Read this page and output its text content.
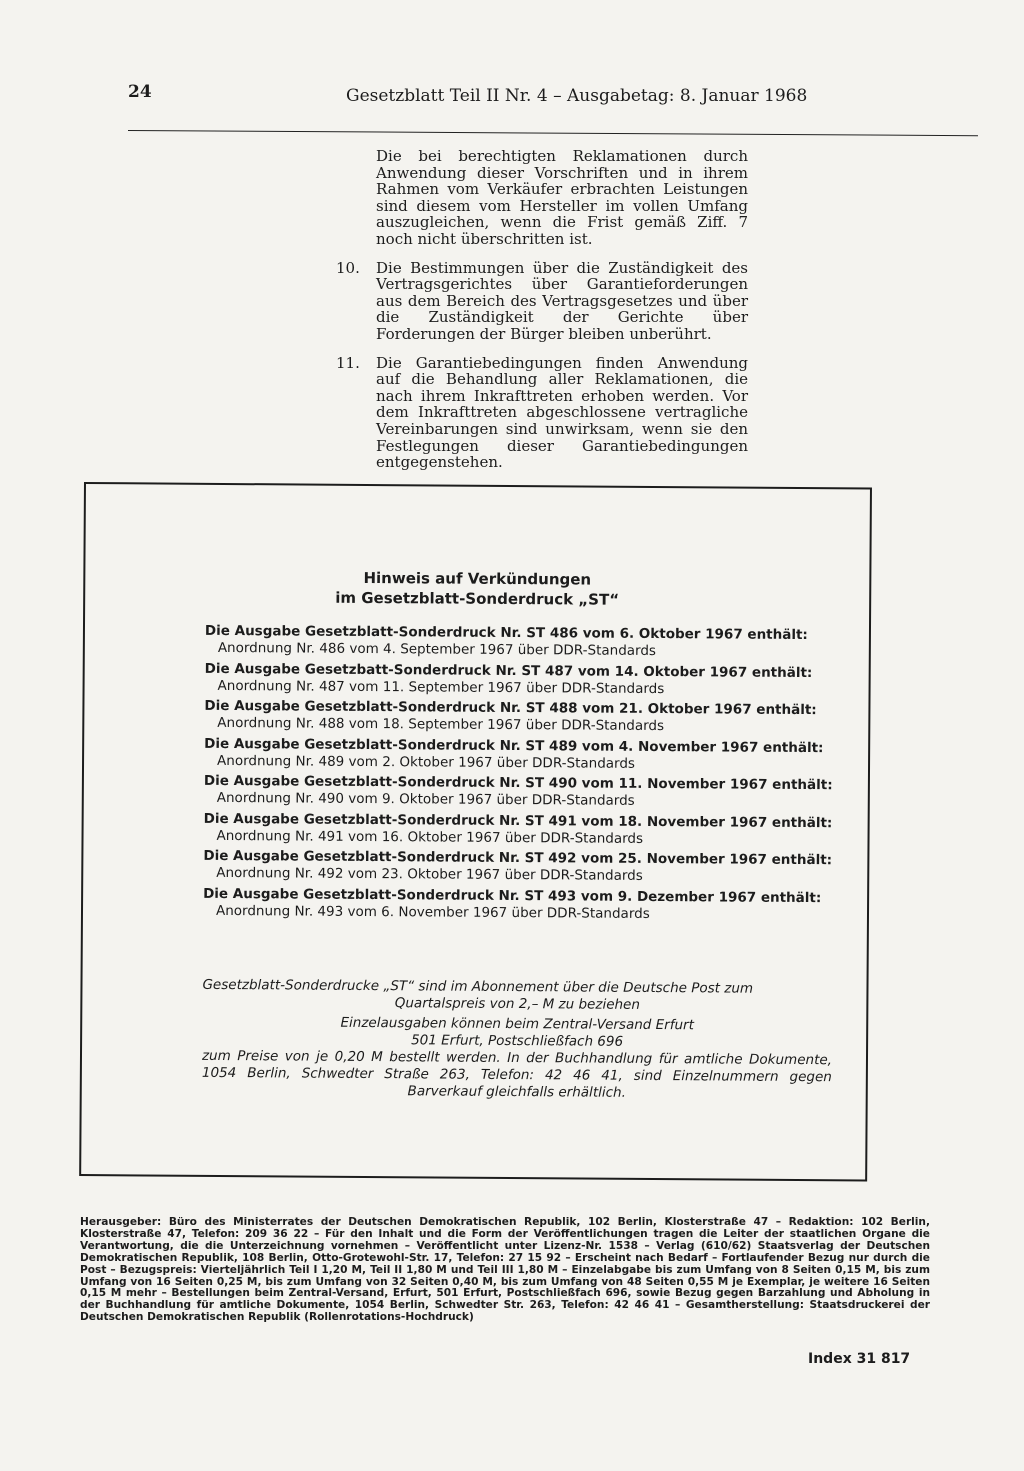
24	Gesetzblatt Teil II Nr. 4 – Ausgabetag: 8. Januar 1968

Die bei berechtigten Reklamationen durch Anwendung dieser Vorschriften und in ihrem Rahmen vom Verkäufer erbrachten Leistungen sind diesem vom Hersteller im vollen Umfang auszugleichen, wenn die Frist gemäß Ziff. 7 noch nicht überschritten ist.

10. Die Bestimmungen über die Zuständigkeit des Vertragsgerichtes über Garantieforderungen aus dem Bereich des Vertragsgesetzes und über die Zuständigkeit der Gerichte über Forderungen der Bürger bleiben unberührt.

11. Die Garantiebedingungen finden Anwendung auf die Behandlung aller Reklamationen, die nach ihrem Inkrafttreten erhoben werden. Vor dem Inkrafttreten abgeschlossene vertragliche Vereinbarungen sind unwirksam, wenn sie den Festlegungen dieser Garantiebedingungen entgegenstehen.

Hinweis auf Verkündungen
im Gesetzblatt-Sonderdruck „ST“
Die Ausgabe Gesetzblatt-Sonderdruck Nr. ST 486 vom 6. Oktober 1967 enthält:
Anordnung Nr. 486 vom 4. September 1967 über DDR-Standards
Die Ausgabe Gesetzbatt-Sonderdruck Nr. ST 487 vom 14. Oktober 1967 enthält:
Anordnung Nr. 487 vom 11. September 1967 über DDR-Standards
Die Ausgabe Gesetzblatt-Sonderdruck Nr. ST 488 vom 21. Oktober 1967 enthält:
Anordnung Nr. 488 vom 18. September 1967 über DDR-Standards
Die Ausgabe Gesetzblatt-Sonderdruck Nr. ST 489 vom 4. November 1967 enthält:
Anordnung Nr. 489 vom 2. Oktober 1967 über DDR-Standards
Die Ausgabe Gesetzblatt-Sonderdruck Nr. ST 490 vom 11. November 1967 enthält:
Anordnung Nr. 490 vom 9. Oktober 1967 über DDR-Standards
Die Ausgabe Gesetzblatt-Sonderdruck Nr. ST 491 vom 18. November 1967 enthält:
Anordnung Nr. 491 vom 16. Oktober 1967 über DDR-Standards
Die Ausgabe Gesetzblatt-Sonderdruck Nr. ST 492 vom 25. November 1967 enthält:
Anordnung Nr. 492 vom 23. Oktober 1967 über DDR-Standards
Die Ausgabe Gesetzblatt-Sonderdruck Nr. ST 493 vom 9. Dezember 1967 enthält:
Anordnung Nr. 493 vom 6. November 1967 über DDR-Standards
Gesetzblatt-Sonderdrucke „ST“ sind im Abonnement über die Deutsche Post zum
Quartalspreis von 2,– M zu beziehen
Einzelausgaben können beim Zentral-Versand Erfurt
501 Erfurt, Postschließfach 696
zum Preise von je 0,20 M bestellt werden. In der Buchhandlung für amtliche Dokumente, 1054 Berlin, Schwedter Straße 263, Telefon: 42 46 41, sind Einzelnummern gegen Barverkauf gleichfalls erhältlich.
Herausgeber: Büro des Ministerrates der Deutschen Demokratischen Republik, 102 Berlin, Klosterstraße 47 – Redaktion: 102 Berlin, Klosterstraße 47, Telefon: 209 36 22 – Für den Inhalt und die Form der Veröffentlichungen tragen die Leiter der staatlichen Organe die Verantwortung, die die Unterzeichnung vornehmen – Veröffentlicht unter Lizenz-Nr. 1538 – Verlag (610/62) Staatsverlag der Deutschen Demokratischen Republik, 108 Berlin, Otto-Grotewohl-Str. 17, Telefon: 27 15 92 – Erscheint nach Bedarf – Fortlaufender Bezug nur durch die Post – Bezugspreis: Vierteljährlich Teil I 1,20 M, Teil II 1,80 M und Teil III 1,80 M – Einzelabgabe bis zum Umfang von 8 Seiten 0,15 M, bis zum Umfang von 16 Seiten 0,25 M, bis zum Umfang von 32 Seiten 0,40 M, bis zum Umfang von 48 Seiten 0,55 M je Exemplar, je weitere 16 Seiten 0,15 M mehr – Bestellungen beim Zentral-Versand, Erfurt, 501 Erfurt, Postschließfach 696, sowie Bezug gegen Barzahlung und Abholung in der Buchhandlung für amtliche Dokumente, 1054 Berlin, Schwedter Str. 263, Telefon: 42 46 41 – Gesamtherstellung: Staatsdruckerei der Deutschen Demokratischen Republik (Rollenrotations-Hochdruck)
Index 31 817
